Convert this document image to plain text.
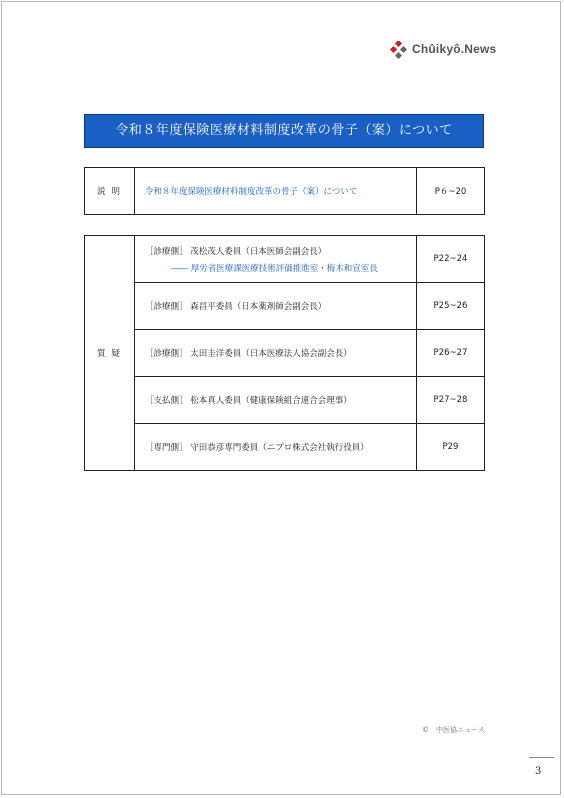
Chûikyô.News
令和８年度保険医療材料制度改革の骨子（案）について
説明	令和８年度保険医療材料制度改革の骨子（案）について	P６~20
質疑	［診療側］ 茂松茂人委員（日本医師会副会長）
―― 厚労省医療課医療技術評価推進室・梅木和宣室長	P22~24
	［診療側］ 森昌平委員（日本薬剤師会副会長）	P25~26
	［診療側］ 太田圭洋委員（日本医療法人協会副会長）	P26~27
	［支払側］ 松本真人委員（健康保険組合連合会理事）	P27~28
	［専門側］ 守田恭彦専門委員（ニプロ株式会社執行役員）	P29
©　中医協ニュース
3
